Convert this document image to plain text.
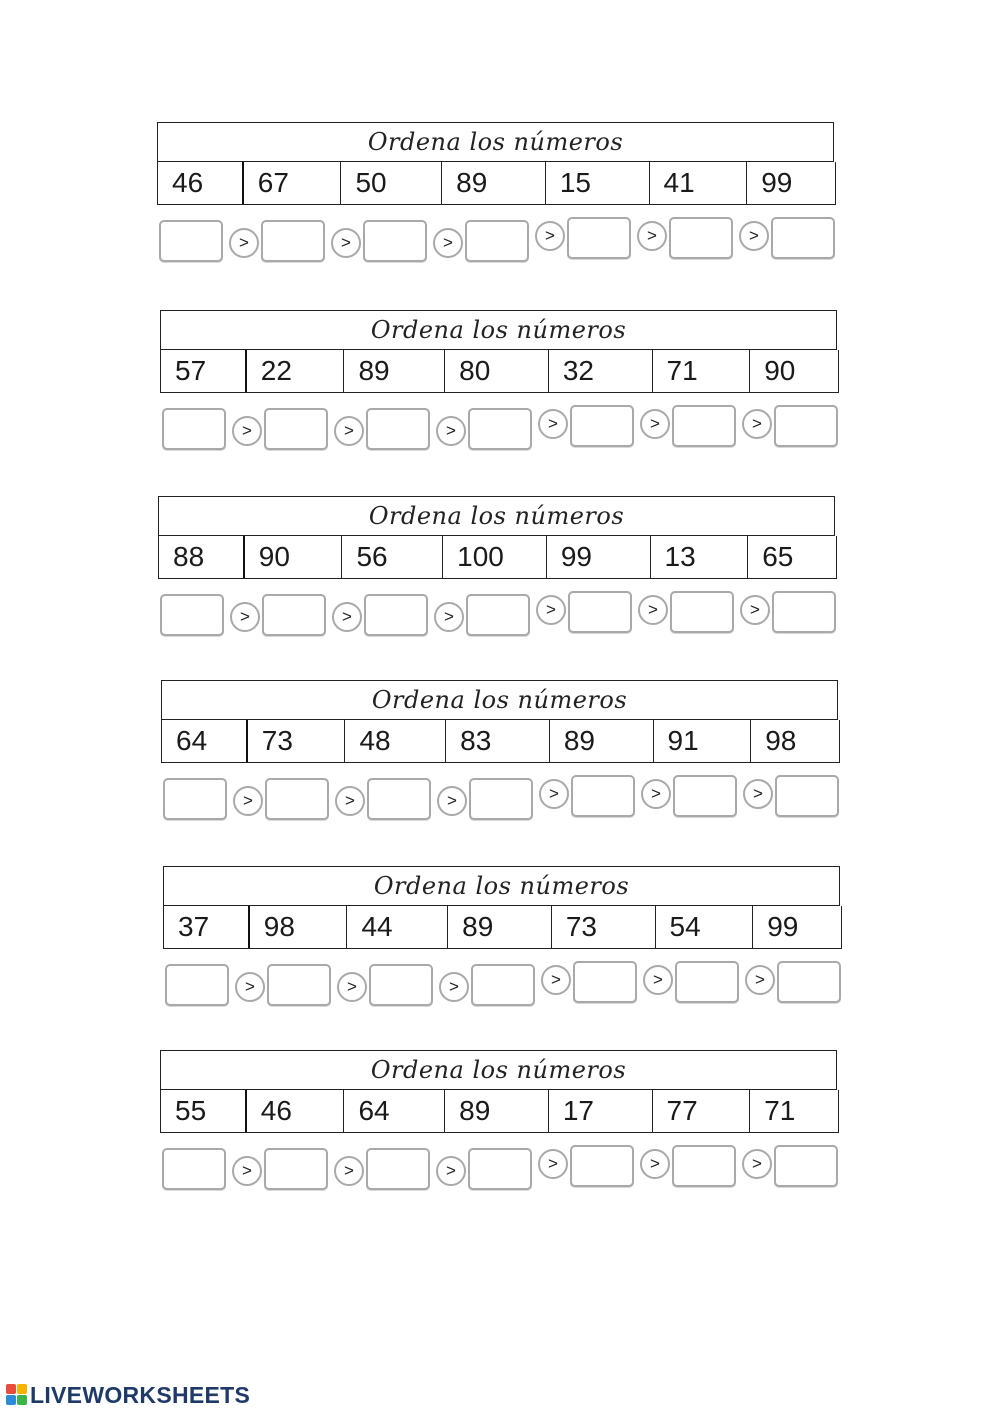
Ordena los números
46	67	50	89	15	41	99
>	>	>	>	>	>
Ordena los números
57	22	89	80	32	71	90
>	>	>	>	>	>
Ordena los números
88	90	56	100	99	13	65
>	>	>	>	>	>
Ordena los números
64	73	48	83	89	91	98
>	>	>	>	>	>
Ordena los números
37	98	44	89	73	54	99
>	>	>	>	>	>
Ordena los números
55	46	64	89	17	77	71
>	>	>	>	>	>
LIVEWORKSHEETS
